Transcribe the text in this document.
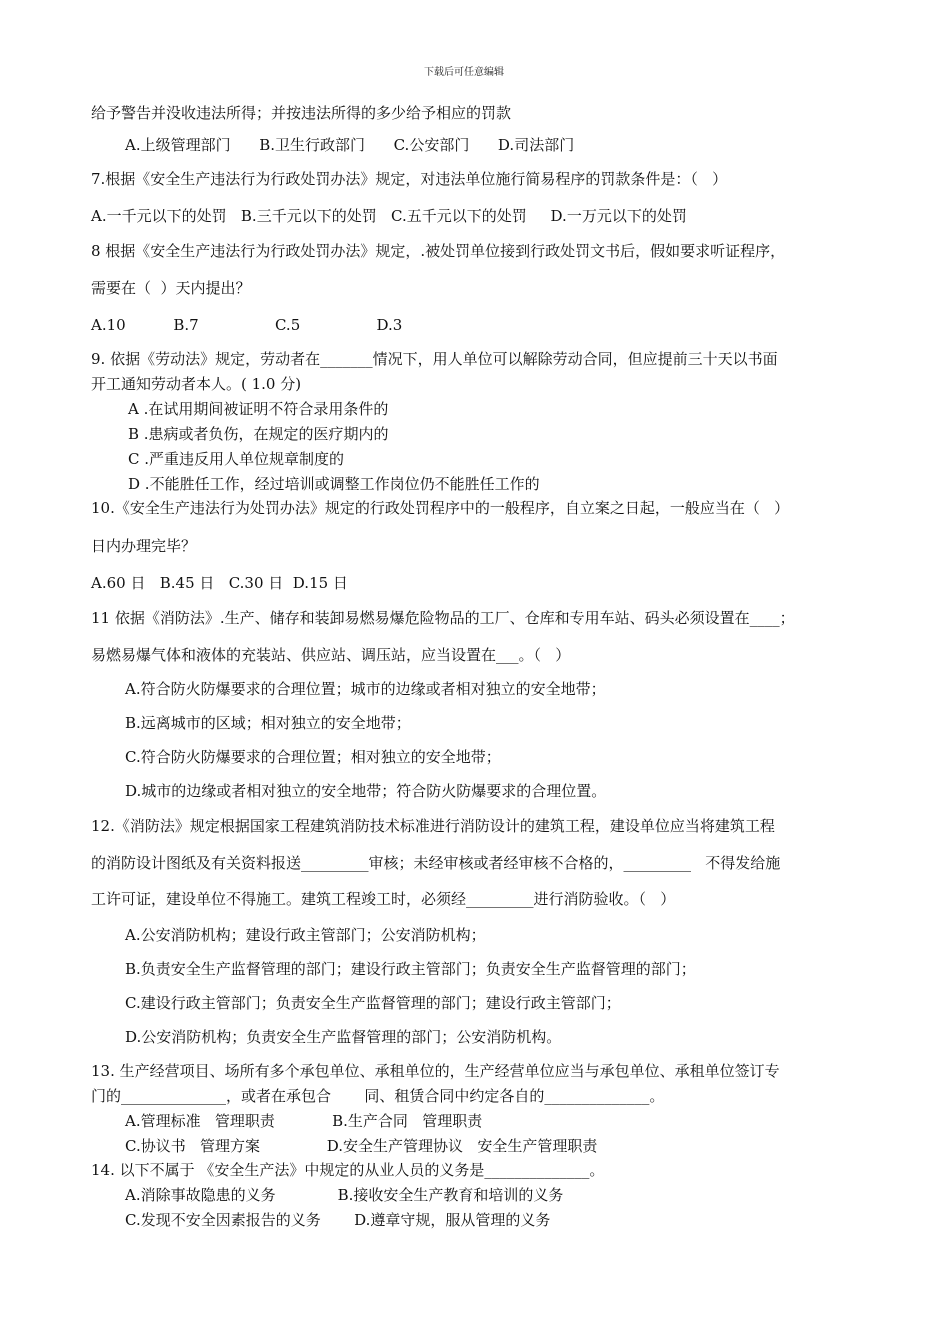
下载后可任意编辑
给予警告并没收违法所得；并按违法所得的多少给予相应的罚款
A.上级管理部门      B.卫生行政部门      C.公安部门      D.司法部门
7.根据《安全生产违法行为行政处罚办法》规定，对违法单位施行简易程序的罚款条件是：（   ）
A.一千元以下的处罚   B.三千元以下的处罚   C.五千元以下的处罚     D.一万元以下的处罚
8 根据《安全生产违法行为行政处罚办法》规定，.被处罚单位接到行政处罚文书后，假如要求听证程序，
需要在（  ）天内提出？
A.10          B.7                C.5                D.3
9. 依据《劳动法》规定，劳动者在_______情况下，用人单位可以解除劳动合同，但应提前三十天以书面
开工通知劳动者本人。( 1.0 分)
A .在试用期间被证明不符合录用条件的
B .患病或者负伤，在规定的医疗期内的
C .严重违反用人单位规章制度的
D .不能胜任工作，经过培训或调整工作岗位仍不能胜任工作的
10.《安全生产违法行为处罚办法》规定的行政处罚程序中的一般程序，自立案之日起，一般应当在（   ）
日内办理完毕？
A.60 日   B.45 日   C.30 日  D.15 日
11 依据《消防法》.生产、储存和装卸易燃易爆危险物品的工厂、仓库和专用车站、码头必须设置在____；
易燃易爆气体和液体的充装站、供应站、调压站，应当设置在___。（   ）
A.符合防火防爆要求的合理位置；城市的边缘或者相对独立的安全地带；
B.远离城市的区域；相对独立的安全地带；
C.符合防火防爆要求的合理位置；相对独立的安全地带；
D.城市的边缘或者相对独立的安全地带；符合防火防爆要求的合理位置。
12.《消防法》规定根据国家工程建筑消防技术标准进行消防设计的建筑工程，建设单位应当将建筑工程
的消防设计图纸及有关资料报送_________审核；未经审核或者经审核不合格的，_________   不得发给施
工许可证，建设单位不得施工。建筑工程竣工时，必须经_________进行消防验收。（   ）
A.公安消防机构；建设行政主管部门；公安消防机构；
B.负责安全生产监督管理的部门；建设行政主管部门；负责安全生产监督管理的部门；
C.建设行政主管部门；负责安全生产监督管理的部门；建设行政主管部门；
D.公安消防机构；负责安全生产监督管理的部门；公安消防机构。
13. 生产经营项目、场所有多个承包单位、承租单位的，生产经营单位应当与承包单位、承租单位签订专
门的______________，或者在承包合       同、租赁合同中约定各自的______________。
A.管理标准   管理职责            B.生产合同   管理职责
C.协议书   管理方案              D.安全生产管理协议   安全生产管理职责
14. 以下不属于 《安全生产法》中规定的从业人员的义务是______________。
A.消除事故隐患的义务             B.接收安全生产教育和培训的义务
C.发现不安全因素报告的义务       D.遵章守规，服从管理的义务
